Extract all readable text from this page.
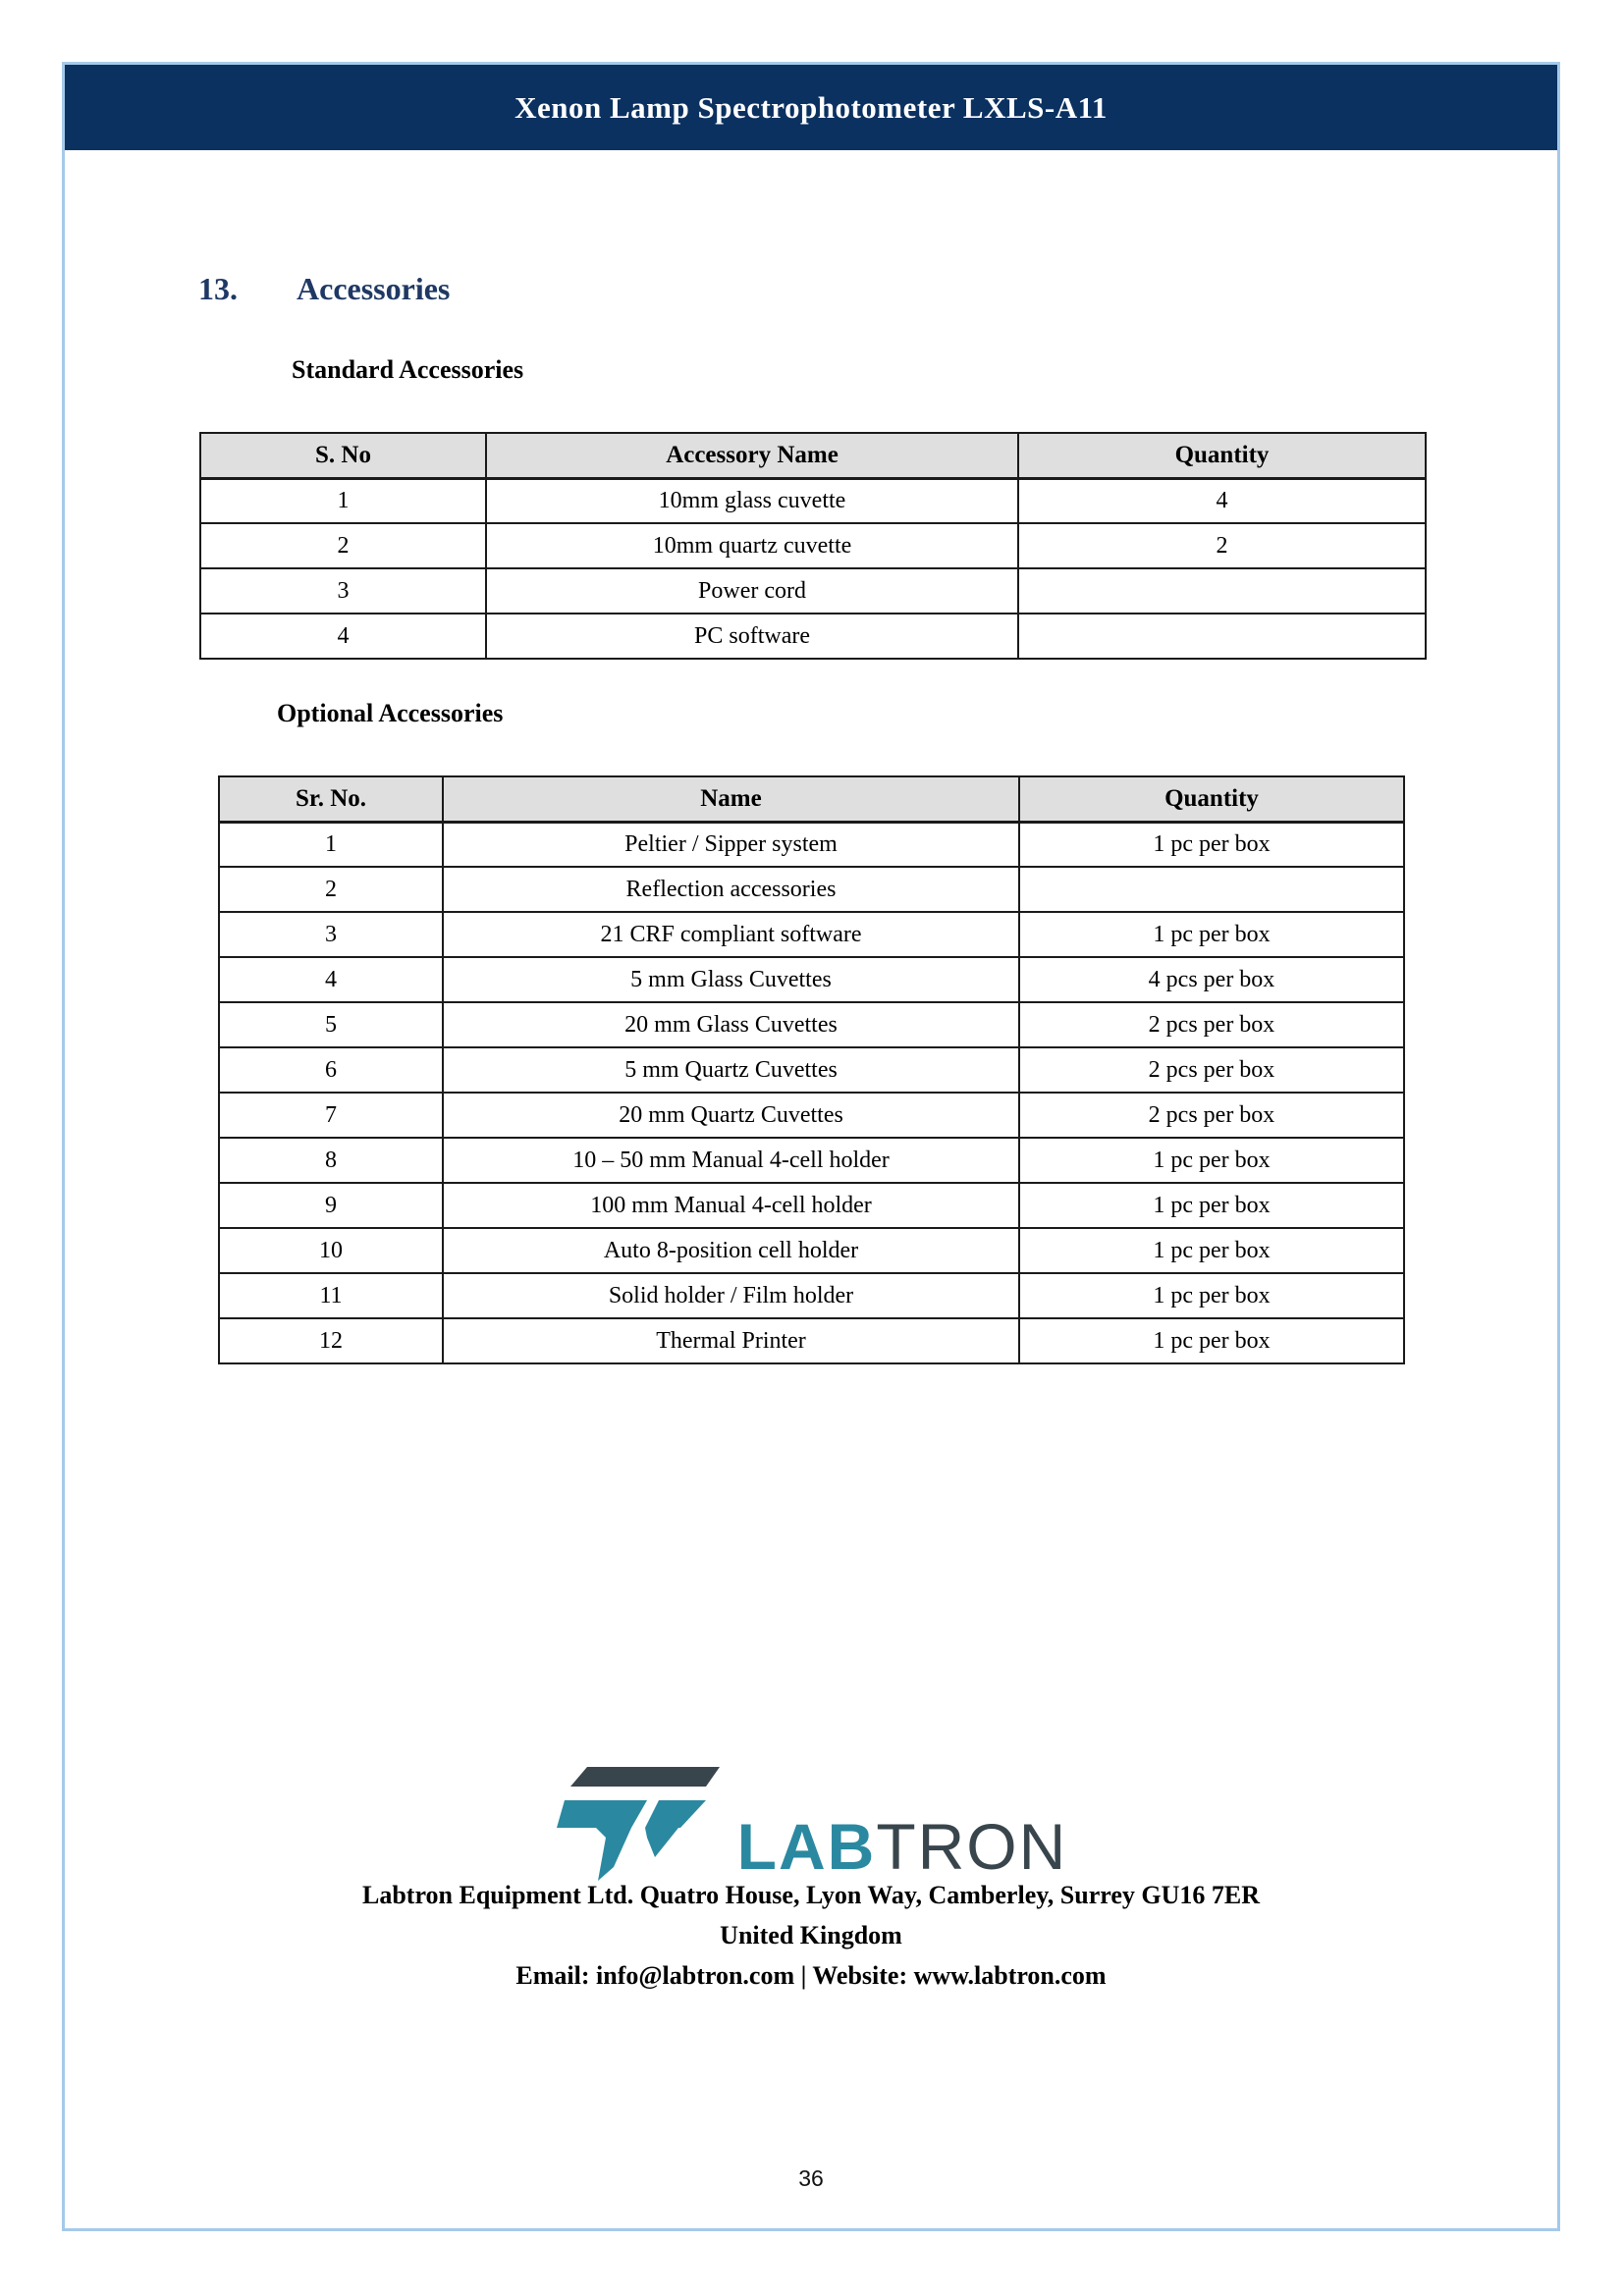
Xenon Lamp Spectrophotometer LXLS-A11
13.	Accessories
Standard Accessories
S. No	Accessory Name	Quantity
1	10mm glass cuvette	4
2	10mm quartz cuvette	2
3	Power cord	
4	PC software	
Optional Accessories
Sr. No.	Name	Quantity
1	Peltier / Sipper system	1 pc per box
2	Reflection accessories	
3	21 CRF compliant software	1 pc per box
4	5 mm Glass Cuvettes	4 pcs per box
5	20 mm Glass Cuvettes	2 pcs per box
6	5 mm Quartz Cuvettes	2 pcs per box
7	20 mm Quartz Cuvettes	2 pcs per box
8	10 – 50 mm Manual 4-cell holder	1 pc per box
9	100 mm Manual 4-cell holder	1 pc per box
10	Auto 8-position cell holder	1 pc per box
11	Solid holder / Film holder	1 pc per box
12	Thermal Printer	1 pc per box
LABTRON
Labtron Equipment Ltd. Quatro House, Lyon Way, Camberley, Surrey GU16 7ER
United Kingdom
Email: info@labtron.com | Website: www.labtron.com
36
